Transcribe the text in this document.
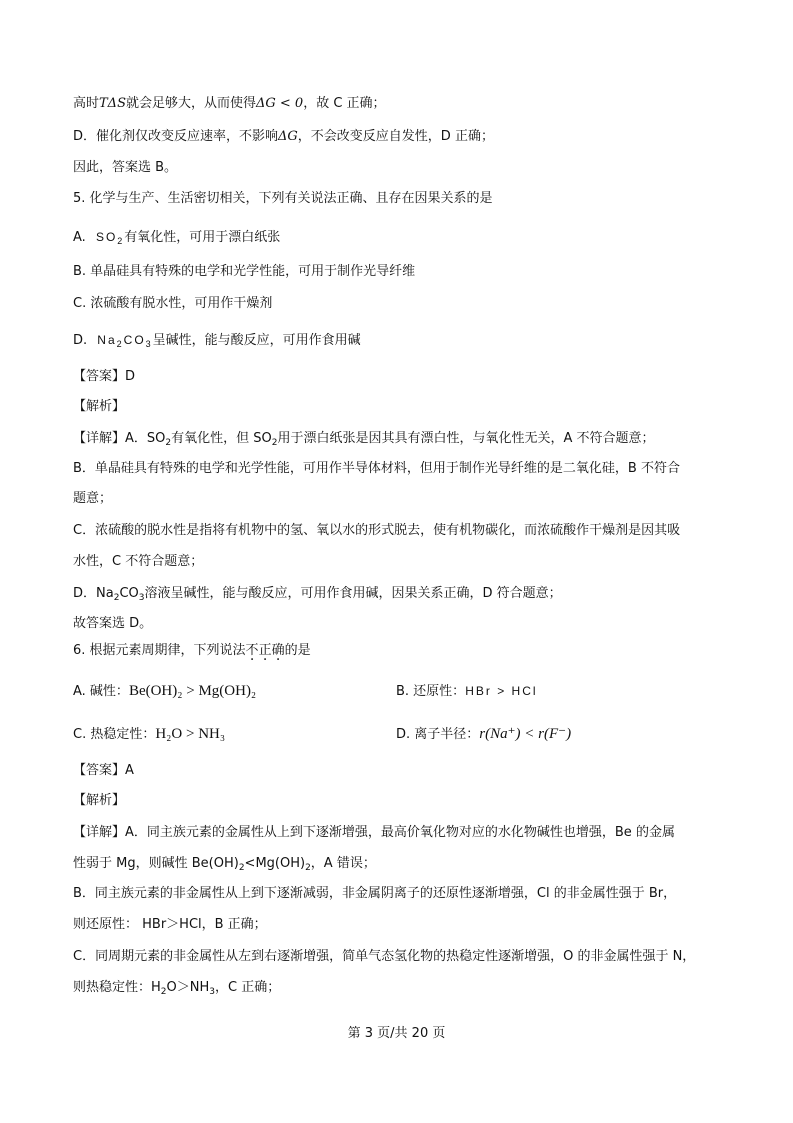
高时TΔS就会足够大，从而使得ΔG < 0，故 C 正确；
D．催化剂仅改变反应速率，不影响ΔG，不会改变反应自发性，D 正确；
因此，答案选 B。
5. 化学与生产、生活密切相关，下列有关说法正确、且存在因果关系的是
A. $SO_2$有氧化性，可用于漂白纸张
B. 单晶硅具有特殊的电学和光学性能，可用于制作光导纤维
C. 浓硫酸有脱水性，可用作干燥剂
D. $Na_2CO_3$呈碱性，能与酸反应，可用作食用碱
【答案】D
【解析】
【详解】A．$SO_2$有氧化性，但 $SO_2$用于漂白纸张是因其具有漂白性，与氧化性无关，A 不符合题意；
B．单晶硅具有特殊的电学和光学性能，可用作半导体材料，但用于制作光导纤维的是二氧化硅，B 不符合
题意；
C．浓硫酸的脱水性是指将有机物中的氢、氧以水的形式脱去，使有机物碳化，而浓硫酸作干燥剂是因其吸
水性，C 不符合题意；
D．$Na_2CO_3$溶液呈碱性，能与酸反应，可用作食用碱，因果关系正确，D 符合题意；
故答案选 D。
6. 根据元素周期律，下列说法不正确的是
A. 碱性：Be(OH)₂ > Mg(OH)₂	B. 还原性：HBr > HCl
C. 热稳定性：H₂O > NH₃	D. 离子半径：r(Na⁺) < r(F⁻)
【答案】A
【解析】
【详解】A．同主族元素的金属性从上到下逐渐增强，最高价氧化物对应的水化物碱性也增强，Be 的金属
性弱于 Mg，则碱性 $Be(OH)_2<Mg(OH)_2$，A 错误；
B．同主族元素的非金属性从上到下逐渐减弱，非金属阴离子的还原性逐渐增强，Cl 的非金属性强于 Br，
则还原性： HBr＞HCl，B 正确；
C．同周期元素的非金属性从左到右逐渐增强，简单气态氢化物的热稳定性逐渐增强，O 的非金属性强于 N，
则热稳定性：$H_2O>NH_3$，C 正确；
第 3 页/共 20 页
